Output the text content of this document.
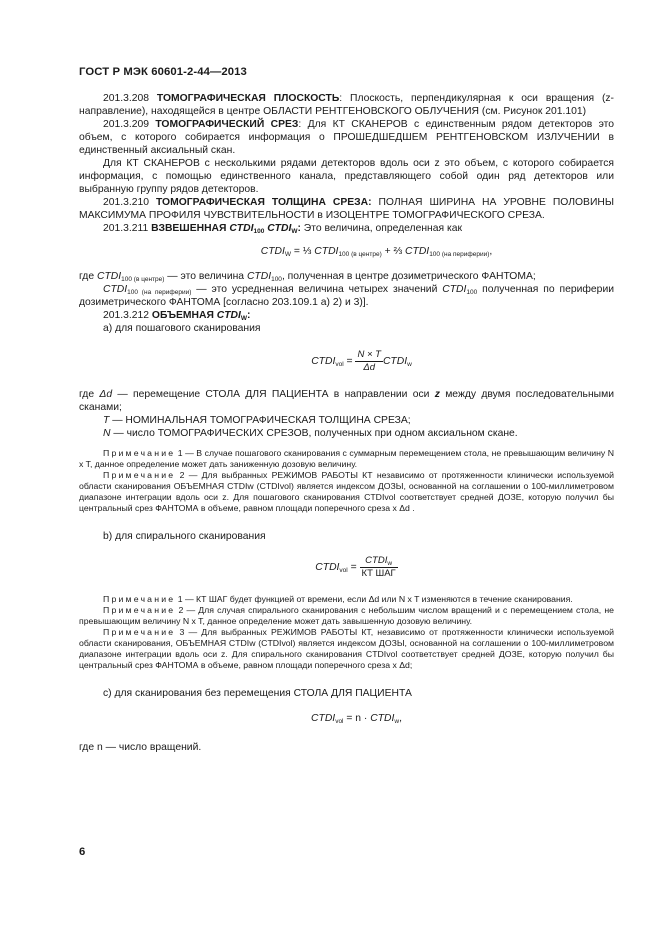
ГОСТ Р МЭК 60601-2-44—2013

201.3.208 ТОМОГРАФИЧЕСКАЯ ПЛОСКОСТЬ: Плоскость, перпендикулярная к оси вращения (z-направление), находящейся в центре ОБЛАСТИ РЕНТГЕНОВСКОГО ОБЛУЧЕНИЯ (см. Рисунок 201.101)

201.3.209 ТОМОГРАФИЧЕСКИЙ СРЕЗ: Для КТ СКАНЕРОВ с единственным рядом детекторов это объем, с которого собирается информация о ПРОШЕДШЕДШЕМ РЕНТГЕНОВСКОМ ИЗЛУЧЕНИИ в единственный аксиальный скан.

Для КТ СКАНЕРОВ с несколькими рядами детекторов вдоль оси z это объем, с которого собирается информация, с помощью единственного канала, представляющего собой один ряд детекторов или выбранную группу рядов детекторов.

201.3.210 ТОМОГРАФИЧЕСКАЯ ТОЛЩИНА СРЕЗА: ПОЛНАЯ ШИРИНА НА УРОВНЕ ПОЛОВИНЫ МАКСИМУМА ПРОФИЛЯ ЧУВСТВИТЕЛЬНОСТИ в ИЗОЦЕНТРЕ ТОМОГРАФИЧЕСКОГО СРЕЗА.

201.3.211 ВЗВЕШЕННАЯ $CTDI_{100}$ $CTDI_W$: Это величина, определенная как

$CTDI_W$ = ⅓ $CTDI_{100 (в центре)}$ + ⅔ $CTDI_{100 (на периферии)}$,

где $CTDI_{100 (в центре)}$ — это величина $CTDI_{100}$, полученная в центре дозиметрического ФАНТОМА;

$CTDI_{100 (на периферии)}$ — это усредненная величина четырех значений $CTDI_{100}$ полученная по периферии дозиметрического ФАНТОМА [согласно 203.109.1 а) 2) и 3)].

201.3.212 ОБЪЕМНАЯ $CTDI_W$:

а) для пошагового сканирования

$CTDI_{vol} = \frac{N \times T}{\Delta d}$ $CTDI_w$

где Δd — перемещение СТОЛА ДЛЯ ПАЦИЕНТА в направлении оси z между двумя последовательными сканами;

T — НОМИНАЛЬНАЯ ТОМОГРАФИЧЕСКАЯ ТОЛЩИНА СРЕЗА;

N — число ТОМОГРАФИЧЕСКИХ СРЕЗОВ, полученных при одном аксиальном скане.

Примечание 1 — В случае пошагового сканирования с суммарным перемещением стола, не превышающим величину N x T, данное определение может дать заниженную дозовую величину.

Примечание 2 — Для выбранных РЕЖИМОВ РАБОТЫ КТ независимо от протяженности клинически используемой области сканирования ОБЪЕМНАЯ CTDIw (CTDIvol) является индексом ДОЗЫ, основанной на соглашении о 100-миллиметровом диапазоне интеграции вдоль оси z. Для пошагового сканирования CTDIvol соответствует средней ДОЗЕ, которую получил бы центральный срез ФАНТОМА в объеме, равном площади поперечного среза x Δd .

b) для спирального сканирования

$CTDI_{vol} = \frac{CTDI_w}{\text{КТ ШАГ}}$

Примечание 1 — КТ ШАГ будет функцией от времени, если Δd или N x T изменяются в течение сканирования.

Примечание 2 — Для случая спирального сканирования с небольшим числом вращений и с перемещением стола, не превышающим величину N x T, данное определение может дать завышенную дозовую величину.

Примечание 3 — Для выбранных РЕЖИМОВ РАБОТЫ КТ, независимо от протяженности клинически используемой области сканирования, ОБЪЕМНАЯ CTDIw (CTDIvol) является индексом ДОЗЫ, основанной на соглашении о 100-миллиметровом диапазоне интеграции вдоль оси z. Для спирального сканирования CTDIvol соответствует средней ДОЗЕ, которую получил бы центральный срез ФАНТОМА в объеме, равном площади поперечного среза x Δd;

с) для сканирования без перемещения СТОЛА ДЛЯ ПАЦИЕНТА

$CTDI_{vol} = n$ · $CTDI_w$,

где n — число вращений.

6
